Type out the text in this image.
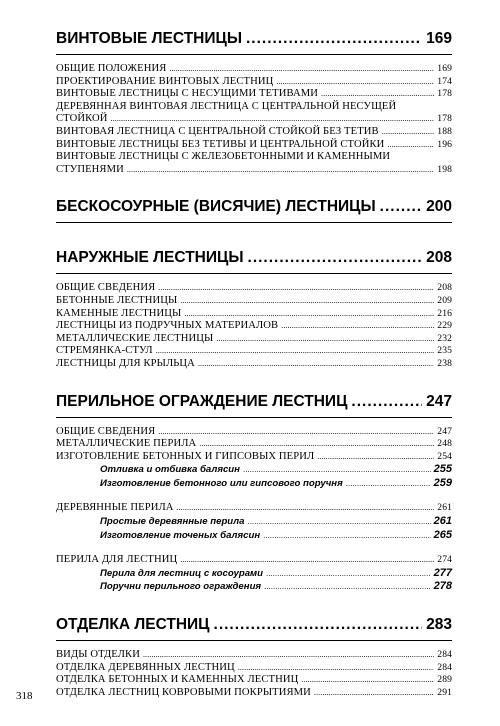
ВИНТОВЫЕ ЛЕСТНИЦЫ .....	169
ОБЩИЕ ПОЛОЖЕНИЯ .....	169
ПРОЕКТИРОВАНИЕ ВИНТОВЫХ ЛЕСТНИЦ .....	174
ВИНТОВЫЕ ЛЕСТНИЦЫ С НЕСУЩИМИ ТЕТИВАМИ .....	178
ДЕРЕВЯННАЯ ВИНТОВАЯ ЛЕСТНИЦА С ЦЕНТРАЛЬНОЙ НЕСУЩЕЙ
СТОЙКОЙ .....	178
ВИНТОВАЯ ЛЕСТНИЦА С ЦЕНТРАЛЬНОЙ СТОЙКОЙ БЕЗ ТЕТИВ .....	188
ВИНТОВЫЕ ЛЕСТНИЦЫ БЕЗ ТЕТИВЫ И ЦЕНТРАЛЬНОЙ СТОЙКИ .....	196
ВИНТОВЫЕ ЛЕСТНИЦЫ С ЖЕЛЕЗОБЕТОННЫМИ И КАМЕННЫМИ
СТУПЕНЯМИ .....	198
БЕСКОСОУРНЫЕ (ВИСЯЧИЕ) ЛЕСТНИЦЫ .....	200
НАРУЖНЫЕ ЛЕСТНИЦЫ .....	208
ОБЩИЕ СВЕДЕНИЯ .....	208
БЕТОННЫЕ ЛЕСТНИЦЫ .....	209
КАМЕННЫЕ ЛЕСТНИЦЫ .....	216
ЛЕСТНИЦЫ ИЗ ПОДРУЧНЫХ МАТЕРИАЛОВ .....	229
МЕТАЛЛИЧЕСКИЕ ЛЕСТНИЦЫ .....	232
СТРЕМЯНКА-СТУЛ .....	235
ЛЕСТНИЦЫ ДЛЯ КРЫЛЬЦА .....	238
ПЕРИЛЬНОЕ ОГРАЖДЕНИЕ ЛЕСТНИЦ .....	247
ОБЩИЕ СВЕДЕНИЯ .....	247
МЕТАЛЛИЧЕСКИЕ ПЕРИЛА .....	248
ИЗГОТОВЛЕНИЕ БЕТОННЫХ И ГИПСОВЫХ ПЕРИЛ .....	254
Отливка и отбивка балясин .....	255
Изготовление бетонного или гипсового поручня .....	259
ДЕРЕВЯННЫЕ ПЕРИЛА .....	261
Простые деревянные перила .....	261
Изготовление точеных балясин .....	265
ПЕРИЛА ДЛЯ ЛЕСТНИЦ .....	274
Перила для лестниц с косоурами .....	277
Поручни перильного ограждения .....	278
ОТДЕЛКА ЛЕСТНИЦ .....	283
ВИДЫ ОТДЕЛКИ .....	284
ОТДЕЛКА ДЕРЕВЯННЫХ ЛЕСТНИЦ .....	284
ОТДЕЛКА БЕТОННЫХ И КАМЕННЫХ ЛЕСТНИЦ .....	289
ОТДЕЛКА ЛЕСТНИЦ КОВРОВЫМИ ПОКРЫТИЯМИ .....	291
318
